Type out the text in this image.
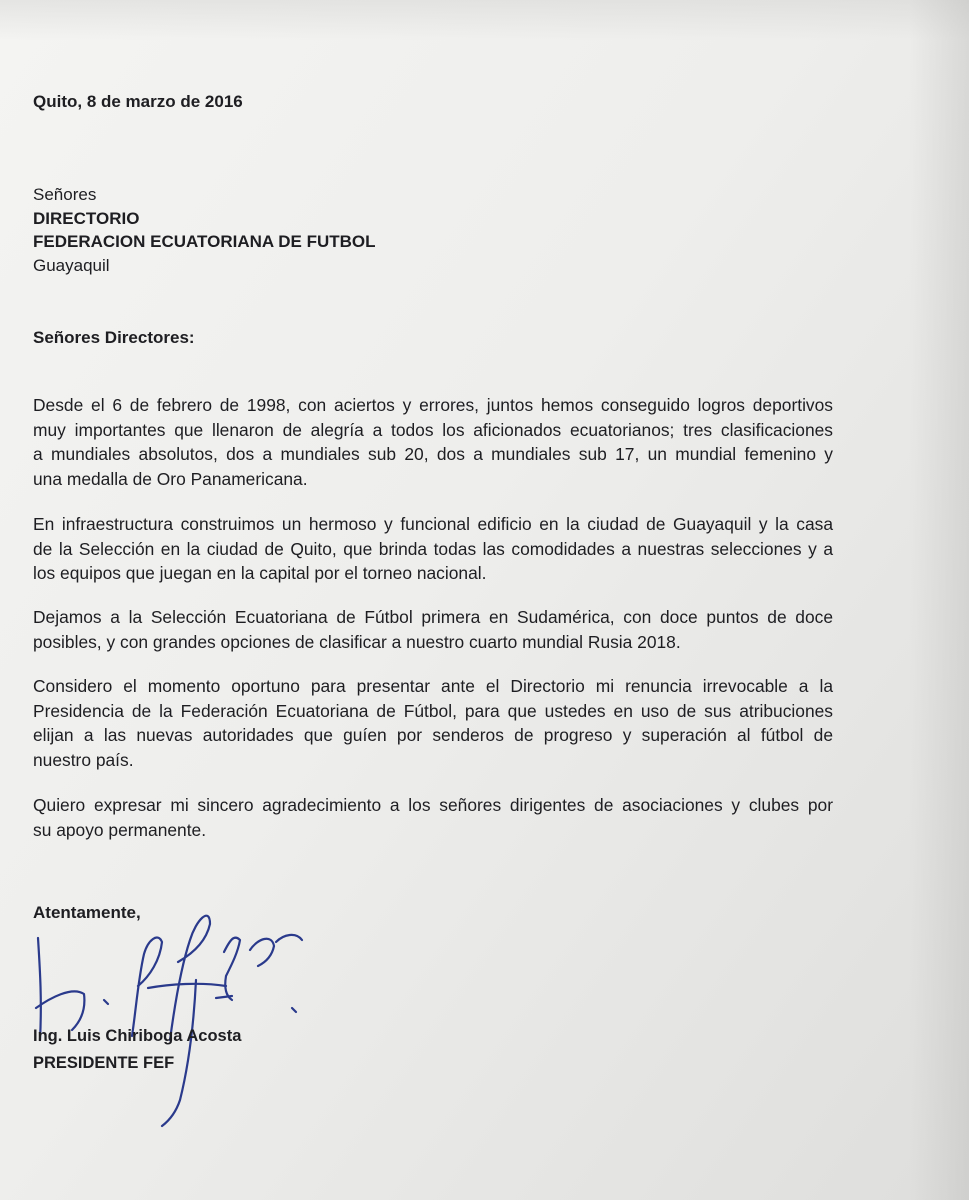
Quito, 8 de marzo de 2016
Señores
DIRECTORIO
FEDERACION ECUATORIANA DE FUTBOL
Guayaquil
Señores Directores:
Desde el 6 de febrero de 1998, con aciertos y errores, juntos hemos conseguido logros deportivos
muy importantes que llenaron de alegría a todos los aficionados ecuatorianos; tres clasificaciones
a mundiales absolutos, dos a mundiales sub 20, dos a mundiales sub 17, un mundial femenino y
una medalla de Oro Panamericana.
En infraestructura construimos un hermoso y funcional edificio en la ciudad de Guayaquil y la casa
de la Selección en la ciudad de Quito, que brinda todas las comodidades a nuestras selecciones y a
los equipos que juegan en la capital por el torneo nacional.
Dejamos a la Selección Ecuatoriana de Fútbol primera en Sudamérica, con doce puntos de doce
posibles, y con grandes opciones de clasificar a nuestro cuarto mundial Rusia 2018.
Considero el momento oportuno para presentar ante el Directorio mi renuncia irrevocable a la
Presidencia de la Federación Ecuatoriana de Fútbol, para que ustedes en uso de sus atribuciones
elijan a las nuevas autoridades que guíen por senderos de progreso y superación al fútbol de
nuestro país.
Quiero expresar mi sincero agradecimiento a los señores dirigentes de asociaciones y clubes por
su apoyo permanente.
Atentamente,
Ing. Luis Chiriboga Acosta
PRESIDENTE FEF
